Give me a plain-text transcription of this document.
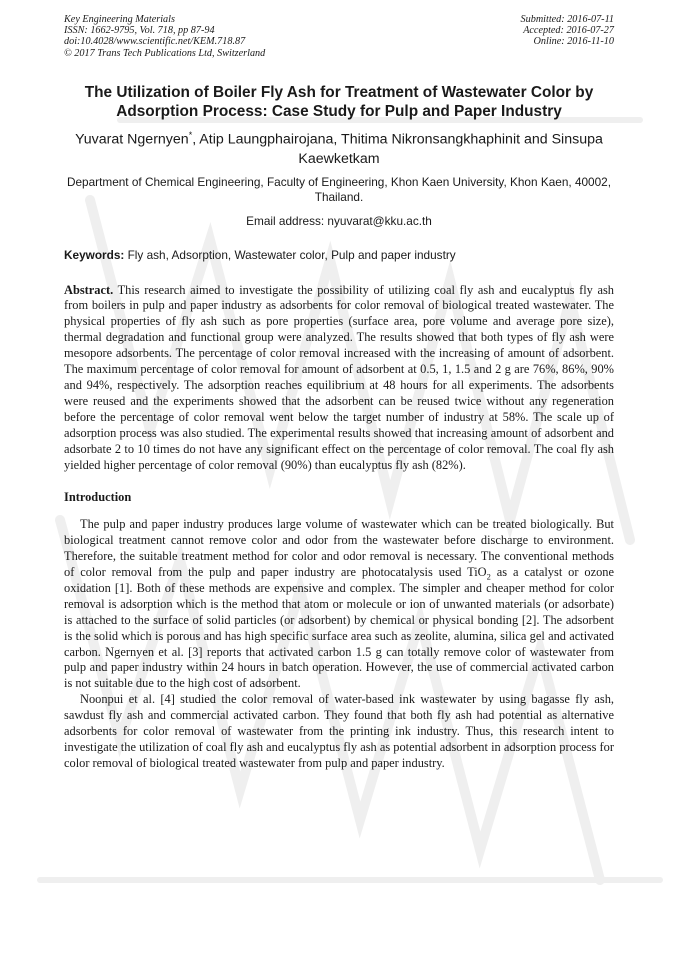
Key Engineering Materials
ISSN: 1662-9795, Vol. 718, pp 87-94
doi:10.4028/www.scientific.net/KEM.718.87
© 2017 Trans Tech Publications Ltd, Switzerland
Submitted: 2016-07-11
Accepted: 2016-07-27
Online: 2016-11-10
The Utilization of Boiler Fly Ash for Treatment of Wastewater Color by Adsorption Process: Case Study for Pulp and Paper Industry
Yuvarat Ngernyen*, Atip Laungphairojana, Thitima Nikronsangkhaphinit and Sinsupa Kaewketkam

Department of Chemical Engineering, Faculty of Engineering, Khon Kaen University, Khon Kaen, 40002, Thailand.

Email address: nyuvarat@kku.ac.th

Keywords: Fly ash, Adsorption, Wastewater color, Pulp and paper industry

Abstract. This research aimed to investigate the possibility of utilizing coal fly ash and eucalyptus fly ash from boilers in pulp and paper industry as adsorbents for color removal of biological treated wastewater. The physical properties of fly ash such as pore properties (surface area, pore volume and average pore size), thermal degradation and functional group were analyzed. The results showed that both types of fly ash were mesopore adsorbents. The percentage of color removal increased with the increasing of amount of adsorbent. The maximum percentage of color removal for amount of adsorbent at 0.5, 1, 1.5 and 2 g are 76%, 86%, 90% and 94%, respectively. The adsorption reaches equilibrium at 48 hours for all experiments. The adsorbents were reused and the experiments showed that the adsorbent can be reused twice without any regeneration before the percentage of color removal went below the target number of industry at 58%. The scale up of adsorption process was also studied. The experimental results showed that increasing amount of adsorbent and adsorbate 2 to 10 times do not have any significant effect on the percentage of color removal. The coal fly ash yielded higher percentage of color removal (90%) than eucalyptus fly ash (82%).

Introduction

The pulp and paper industry produces large volume of wastewater which can be treated biologically. But biological treatment cannot remove color and odor from the wastewater before discharge to environment. Therefore, the suitable treatment method for color and odor removal is necessary. The conventional methods of color removal from the pulp and paper industry are photocatalysis used TiO$_2$ as a catalyst or ozone oxidation [1]. Both of these methods are expensive and complex. The simpler and cheaper method for color removal is adsorption which is the method that atom or molecule or ion of unwanted materials (or adsorbate) is attached to the surface of solid particles (or adsorbent) by chemical or physical bonding [2]. The adsorbent is the solid which is porous and has high specific surface area such as zeolite, alumina, silica gel and activated carbon. Ngernyen et al. [3] reports that activated carbon 1.5 g can totally remove color of wastewater from pulp and paper industry within 24 hours in batch operation. However, the use of commercial activated carbon is not suitable due to the high cost of adsorbent.

Noonpui et al. [4] studied the color removal of water-based ink wastewater by using bagasse fly ash, sawdust fly ash and commercial activated carbon. They found that both fly ash had potential as alternative adsorbents for color removal of wastewater from the printing ink industry. Thus, this research intent to investigate the utilization of coal fly ash and eucalyptus fly ash as potential adsorbent in adsorption process for color removal of biological treated wastewater from pulp and paper industry.
